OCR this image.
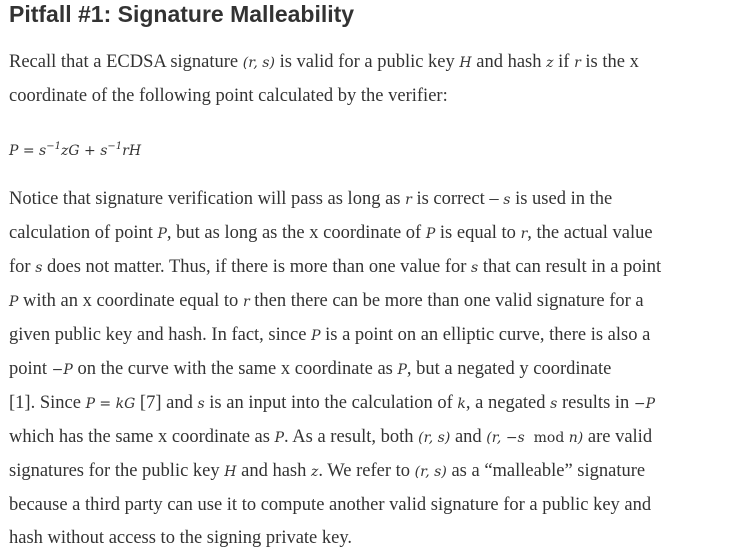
Pitfall #1: Signature Malleability

Recall that a ECDSA signature (r, s) is valid for a public key H and hash z if r is the x
coordinate of the following point calculated by the verifier:

$P = s^{-1}zG + s^{-1}rH$

Notice that signature verification will pass as long as r is correct – s is used in the
calculation of point P, but as long as the x coordinate of P is equal to r, the actual value
for s does not matter. Thus, if there is more than one value for s that can result in a point
P with an x coordinate equal to r then there can be more than one valid signature for a
given public key and hash. In fact, since P is a point on an elliptic curve, there is also a
point −P on the curve with the same x coordinate as P, but a negated y coordinate
[1]. Since P = kG [7] and s is an input into the calculation of k, a negated s results in −P
which has the same x coordinate as P. As a result, both (r, s) and (r, −s mod n) are valid
signatures for the public key H and hash z. We refer to (r, s) as a “malleable” signature
because a third party can use it to compute another valid signature for a public key and
hash without access to the signing private key.
